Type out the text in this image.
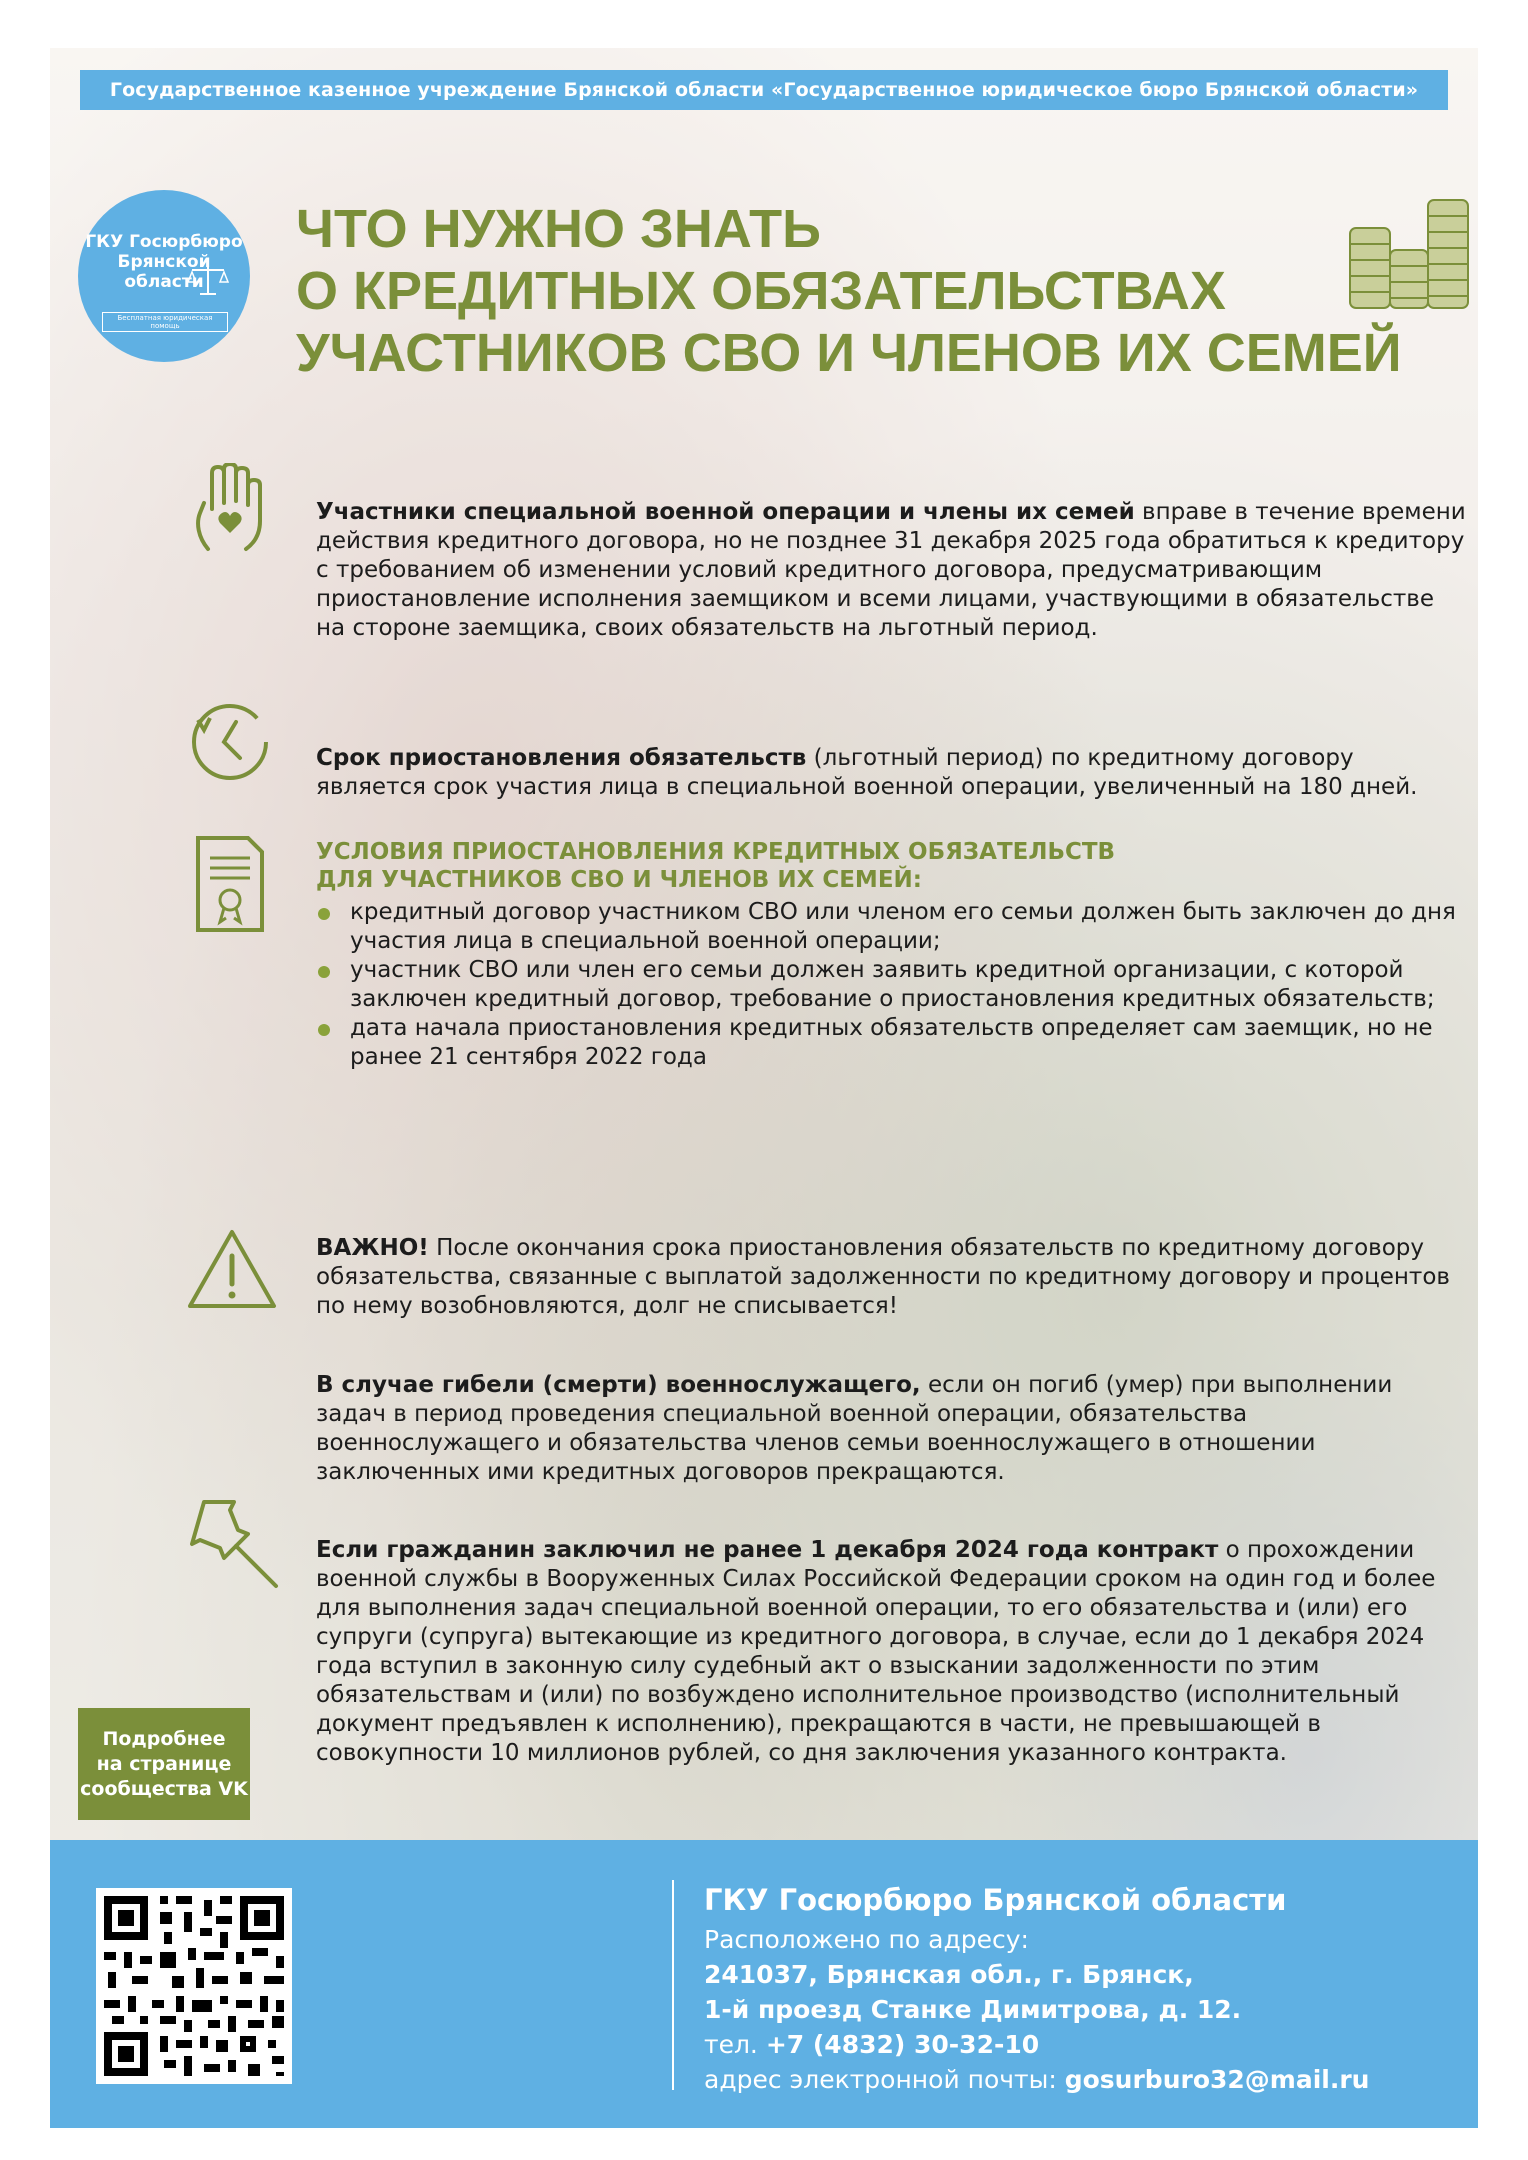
Государственное казенное учреждение Брянской области «Государственное юридическое бюро Брянской области»
ГКУ Госюрбюро
Брянской
области
Бесплатная юридическая помощь
ЧТО НУЖНО ЗНАТЬ
О КРЕДИТНЫХ ОБЯЗАТЕЛЬСТВАХ
УЧАСТНИКОВ СВО И ЧЛЕНОВ ИХ СЕМЕЙ
Участники специальной военной операции и члены их семей вправе в течение времени действия кредитного договора, но не позднее 31 декабря 2025 года обратиться к кредитору с требованием об изменении условий кредитного договора, предусматривающим приостановление исполнения заемщиком и всеми лицами, участвующими в обязательстве на стороне заемщика, своих обязательств на льготный период.
Срок приостановления обязательств (льготный период) по кредитному договору является срок участия лица в специальной военной операции, увеличенный на 180 дней.
УСЛОВИЯ ПРИОСТАНОВЛЕНИЯ КРЕДИТНЫХ ОБЯЗАТЕЛЬСТВ
ДЛЯ УЧАСТНИКОВ СВО И ЧЛЕНОВ ИХ СЕМЕЙ:
кредитный договор участником СВО или членом его семьи должен быть заключен до дня участия лица в специальной военной операции;
участник СВО или член его семьи должен заявить кредитной организации, с которой заключен кредитный договор, требование о приостановления кредитных обязательств;
дата начала приостановления кредитных обязательств определяет сам заемщик, но не ранее 21 сентября 2022 года
ВАЖНО! После окончания срока приостановления обязательств по кредитному договору обязательства, связанные с выплатой задолженности по кредитному договору и процентов по нему возобновляются, долг не списывается!
В случае гибели (смерти) военнослужащего, если он погиб (умер) при выполнении задач в период проведения специальной военной операции, обязательства военнослужащего и обязательства членов семьи военнослужащего в отношении заключенных ими кредитных договоров прекращаются.
Если гражданин заключил не ранее 1 декабря 2024 года контракт о прохождении военной службы в Вооруженных Силах Российской Федерации сроком на один год и более для выполнения задач специальной военной операции, то его обязательства и (или) его супруги (супруга) вытекающие из кредитного договора, в случае, если до 1 декабря 2024 года вступил в законную силу судебный акт о взыскании задолженности по этим обязательствам и (или) по возбуждено исполнительное производство (исполнительный документ предъявлен к исполнению), прекращаются в части, не превышающей в совокупности 10 миллионов рублей, со дня заключения указанного контракта.
Подробнее
на странице
сообщества VK
ГКУ Госюрбюро Брянской области
Расположено по адресу:
241037, Брянская обл., г. Брянск,
1-й проезд Станке Димитрова, д. 12.
тел. +7 (4832) 30-32-10
адрес электронной почты: gosurburo32@mail.ru
